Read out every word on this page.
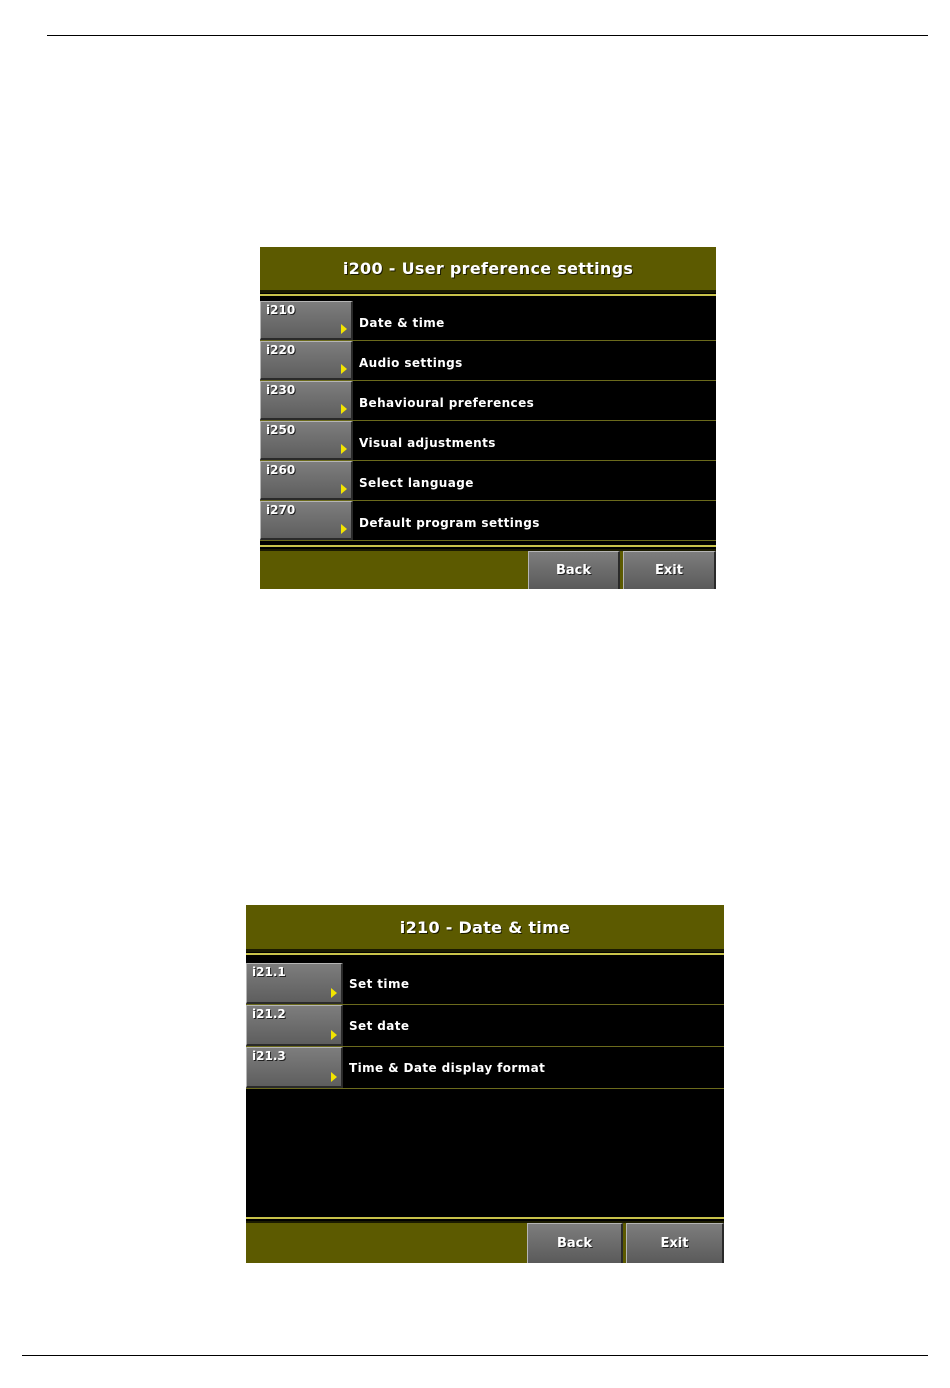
i200 - User preference settings
i210
Date & time
i220
Audio settings
i230
Behavioural preferences
i250
Visual adjustments
i260
Select language
i270
Default program settings
Back	Exit
i210 - Date & time
i21.1
Set time
i21.2
Set date
i21.3
Time & Date display format
Back	Exit
